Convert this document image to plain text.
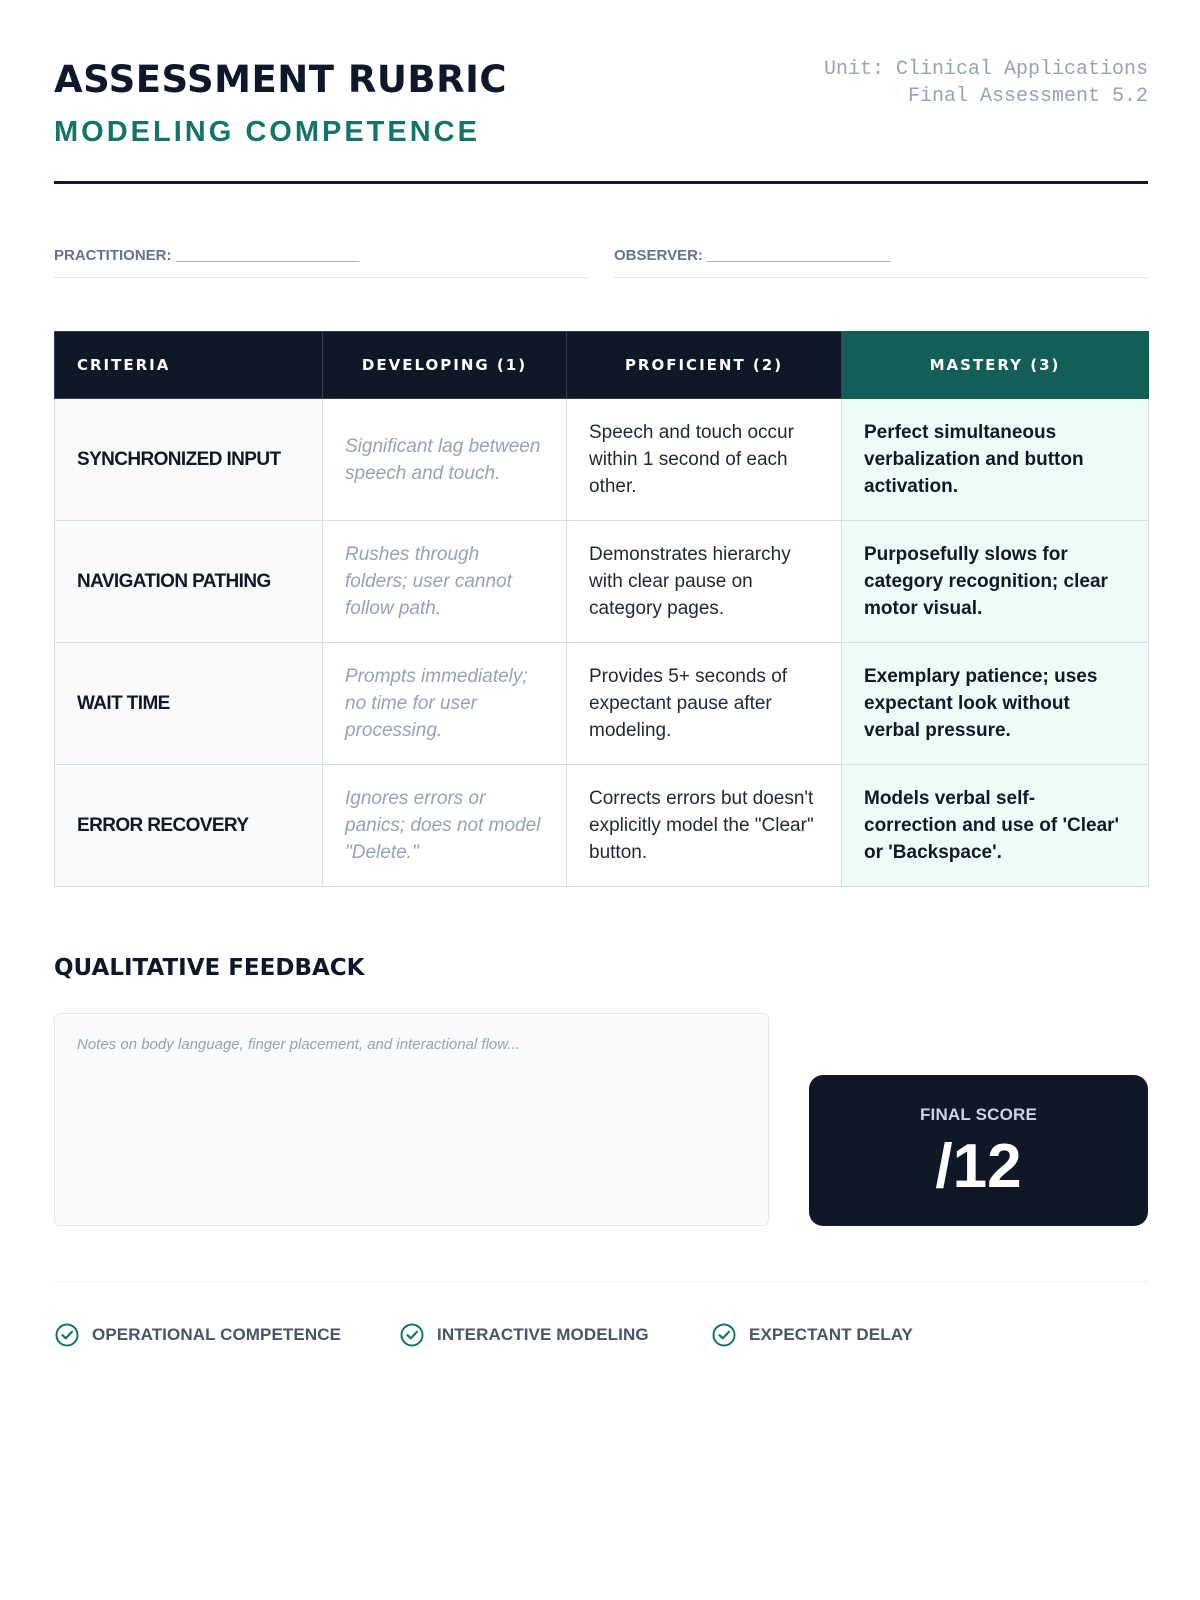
ASSESSMENT RUBRIC
MODELING COMPETENCE
Unit: Clinical Applications
Final Assessment 5.2
PRACTITIONER: ______________________	OBSERVER: ______________________
CRITERIA	DEVELOPING (1)	PROFICIENT (2)	MASTERY (3)
SYNCHRONIZED INPUT	Significant lag between speech and touch.	Speech and touch occur within 1 second of each other.	Perfect simultaneous verbalization and button activation.
NAVIGATION PATHING	Rushes through folders; user cannot follow path.	Demonstrates hierarchy with clear pause on category pages.	Purposefully slows for category recognition; clear motor visual.
WAIT TIME	Prompts immediately; no time for user processing.	Provides 5+ seconds of expectant pause after modeling.	Exemplary patience; uses expectant look without verbal pressure.
ERROR RECOVERY	Ignores errors or panics; does not model "Delete."	Corrects errors but doesn't explicitly model the "Clear" button.	Models verbal self-correction and use of 'Clear' or 'Backspace'.
QUALITATIVE FEEDBACK
Notes on body language, finger placement, and interactional flow...
FINAL SCORE
/12
OPERATIONAL COMPETENCE	INTERACTIVE MODELING	EXPECTANT DELAY
